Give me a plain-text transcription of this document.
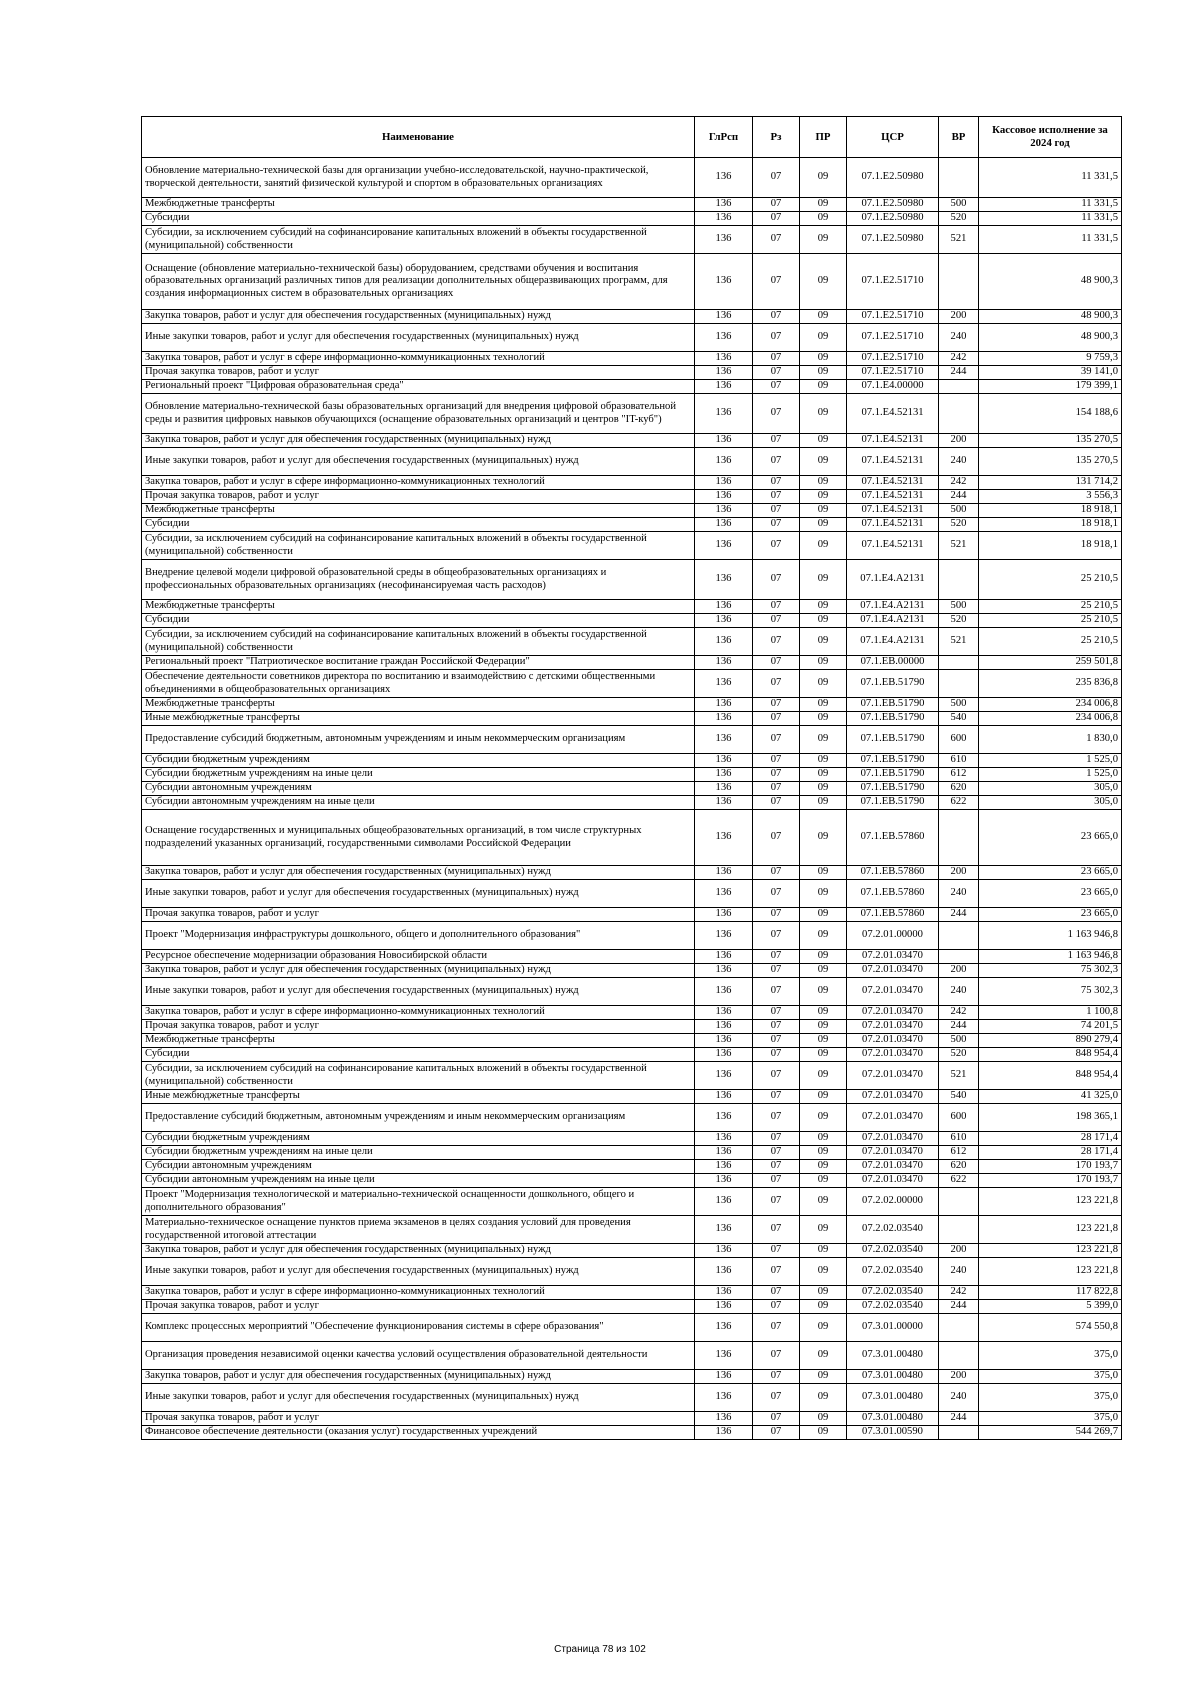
Наименование	ГлРсп	Рз	ПР	ЦСР	ВР	Кассовое исполнение за 2024 год
Обновление материально-технической базы для организации учебно-исследовательской, научно-практической, творческой деятельности, занятий физической культурой и спортом в образовательных организациях	136	07	09	07.1.E2.50980		11 331,5
Межбюджетные трансферты	136	07	09	07.1.E2.50980	500	11 331,5
Субсидии	136	07	09	07.1.E2.50980	520	11 331,5
Субсидии, за исключением субсидий на софинансирование капитальных вложений в объекты государственной (муниципальной) собственности	136	07	09	07.1.E2.50980	521	11 331,5
Оснащение (обновление материально-технической базы) оборудованием, средствами обучения и воспитания образовательных организаций различных типов для реализации дополнительных общеразвивающих программ, для создания информационных систем в образовательных организациях	136	07	09	07.1.E2.51710		48 900,3
Закупка товаров, работ и услуг для обеспечения государственных (муниципальных) нужд	136	07	09	07.1.E2.51710	200	48 900,3
Иные закупки товаров, работ и услуг для обеспечения государственных (муниципальных) нужд	136	07	09	07.1.E2.51710	240	48 900,3
Закупка товаров, работ и услуг в сфере информационно-коммуникационных технологий	136	07	09	07.1.E2.51710	242	9 759,3
Прочая закупка товаров, работ и услуг	136	07	09	07.1.E2.51710	244	39 141,0
Региональный проект "Цифровая образовательная среда"	136	07	09	07.1.E4.00000		179 399,1
Обновление материально-технической базы образовательных организаций для внедрения цифровой образовательной среды и развития цифровых навыков обучающихся (оснащение образовательных организаций и центров "IT-куб")	136	07	09	07.1.E4.52131		154 188,6
Закупка товаров, работ и услуг для обеспечения государственных (муниципальных) нужд	136	07	09	07.1.E4.52131	200	135 270,5
Иные закупки товаров, работ и услуг для обеспечения государственных (муниципальных) нужд	136	07	09	07.1.E4.52131	240	135 270,5
Закупка товаров, работ и услуг в сфере информационно-коммуникационных технологий	136	07	09	07.1.E4.52131	242	131 714,2
Прочая закупка товаров, работ и услуг	136	07	09	07.1.E4.52131	244	3 556,3
Межбюджетные трансферты	136	07	09	07.1.E4.52131	500	18 918,1
Субсидии	136	07	09	07.1.E4.52131	520	18 918,1
Субсидии, за исключением субсидий на софинансирование капитальных вложений в объекты государственной (муниципальной) собственности	136	07	09	07.1.E4.52131	521	18 918,1
Внедрение целевой модели цифровой образовательной среды в общеобразовательных организациях и профессиональных образовательных организациях (несофинансируемая часть расходов)	136	07	09	07.1.E4.A2131		25 210,5
Межбюджетные трансферты	136	07	09	07.1.E4.A2131	500	25 210,5
Субсидии	136	07	09	07.1.E4.A2131	520	25 210,5
Субсидии, за исключением субсидий на софинансирование капитальных вложений в объекты государственной (муниципальной) собственности	136	07	09	07.1.E4.A2131	521	25 210,5
Региональный проект "Патриотическое воспитание граждан Российской Федерации"	136	07	09	07.1.EB.00000		259 501,8
Обеспечение деятельности советников директора по воспитанию и взаимодействию с детскими общественными объединениями в общеобразовательных организациях	136	07	09	07.1.EB.51790		235 836,8
Межбюджетные трансферты	136	07	09	07.1.EB.51790	500	234 006,8
Иные межбюджетные трансферты	136	07	09	07.1.EB.51790	540	234 006,8
Предоставление субсидий бюджетным, автономным учреждениям и иным некоммерческим организациям	136	07	09	07.1.EB.51790	600	1 830,0
Субсидии бюджетным учреждениям	136	07	09	07.1.EB.51790	610	1 525,0
Субсидии бюджетным учреждениям на иные цели	136	07	09	07.1.EB.51790	612	1 525,0
Субсидии автономным учреждениям	136	07	09	07.1.EB.51790	620	305,0
Субсидии автономным учреждениям на иные цели	136	07	09	07.1.EB.51790	622	305,0
Оснащение государственных и муниципальных общеобразовательных организаций, в том числе структурных подразделений указанных организаций, государственными символами Российской Федерации	136	07	09	07.1.EB.57860		23 665,0
Закупка товаров, работ и услуг для обеспечения государственных (муниципальных) нужд	136	07	09	07.1.EB.57860	200	23 665,0
Иные закупки товаров, работ и услуг для обеспечения государственных (муниципальных) нужд	136	07	09	07.1.EB.57860	240	23 665,0
Прочая закупка товаров, работ и услуг	136	07	09	07.1.EB.57860	244	23 665,0
Проект "Модернизация инфраструктуры дошкольного, общего и дополнительного образования"	136	07	09	07.2.01.00000		1 163 946,8
Ресурсное обеспечение модернизации образования Новосибирской области	136	07	09	07.2.01.03470		1 163 946,8
Закупка товаров, работ и услуг для обеспечения государственных (муниципальных) нужд	136	07	09	07.2.01.03470	200	75 302,3
Иные закупки товаров, работ и услуг для обеспечения государственных (муниципальных) нужд	136	07	09	07.2.01.03470	240	75 302,3
Закупка товаров, работ и услуг в сфере информационно-коммуникационных технологий	136	07	09	07.2.01.03470	242	1 100,8
Прочая закупка товаров, работ и услуг	136	07	09	07.2.01.03470	244	74 201,5
Межбюджетные трансферты	136	07	09	07.2.01.03470	500	890 279,4
Субсидии	136	07	09	07.2.01.03470	520	848 954,4
Субсидии, за исключением субсидий на софинансирование капитальных вложений в объекты государственной (муниципальной) собственности	136	07	09	07.2.01.03470	521	848 954,4
Иные межбюджетные трансферты	136	07	09	07.2.01.03470	540	41 325,0
Предоставление субсидий бюджетным, автономным учреждениям и иным некоммерческим организациям	136	07	09	07.2.01.03470	600	198 365,1
Субсидии бюджетным учреждениям	136	07	09	07.2.01.03470	610	28 171,4
Субсидии бюджетным учреждениям на иные цели	136	07	09	07.2.01.03470	612	28 171,4
Субсидии автономным учреждениям	136	07	09	07.2.01.03470	620	170 193,7
Субсидии автономным учреждениям на иные цели	136	07	09	07.2.01.03470	622	170 193,7
Проект "Модернизация технологической и материально-технической оснащенности дошкольного, общего и дополнительного образования"	136	07	09	07.2.02.00000		123 221,8
Материально-техническое оснащение пунктов приема экзаменов в целях создания условий для проведения государственной итоговой аттестации	136	07	09	07.2.02.03540		123 221,8
Закупка товаров, работ и услуг для обеспечения государственных (муниципальных) нужд	136	07	09	07.2.02.03540	200	123 221,8
Иные закупки товаров, работ и услуг для обеспечения государственных (муниципальных) нужд	136	07	09	07.2.02.03540	240	123 221,8
Закупка товаров, работ и услуг в сфере информационно-коммуникационных технологий	136	07	09	07.2.02.03540	242	117 822,8
Прочая закупка товаров, работ и услуг	136	07	09	07.2.02.03540	244	5 399,0
Комплекс процессных мероприятий "Обеспечение функционирования системы в сфере образования"	136	07	09	07.3.01.00000		574 550,8
Организация проведения независимой оценки качества условий осуществления образовательной деятельности	136	07	09	07.3.01.00480		375,0
Закупка товаров, работ и услуг для обеспечения государственных (муниципальных) нужд	136	07	09	07.3.01.00480	200	375,0
Иные закупки товаров, работ и услуг для обеспечения государственных (муниципальных) нужд	136	07	09	07.3.01.00480	240	375,0
Прочая закупка товаров, работ и услуг	136	07	09	07.3.01.00480	244	375,0
Финансовое обеспечение деятельности (оказания услуг) государственных учреждений	136	07	09	07.3.01.00590		544 269,7
Страница 78 из 102
